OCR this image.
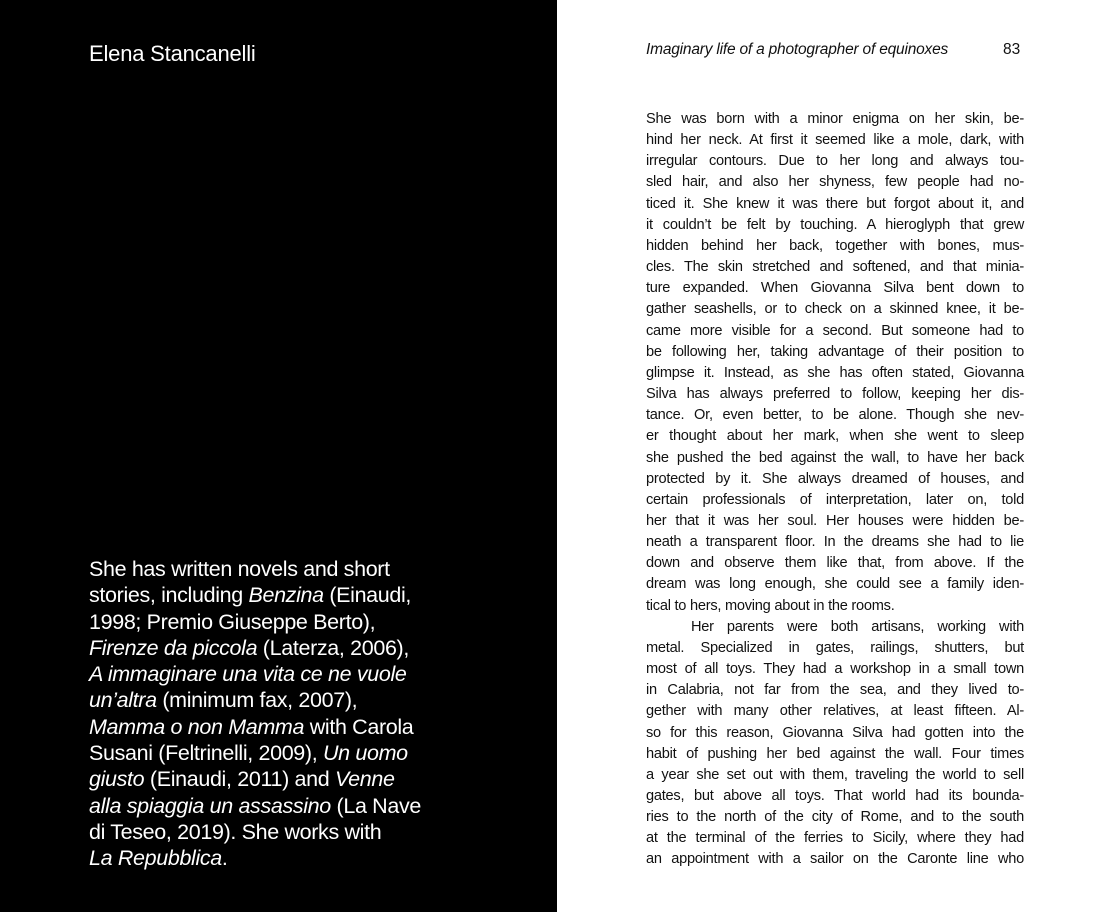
Elena Stancanelli
She has written novels and short
stories, including Benzina (Einaudi,
1998; Premio Giuseppe Berto),
Firenze da piccola (Laterza, 2006),
A immaginare una vita ce ne vuole
un’altra (minimum fax, 2007),
Mamma o non Mamma with Carola
Susani (Feltrinelli, 2009), Un uomo
giusto (Einaudi, 2011) and Venne
alla spiaggia un assassino (La Nave
di Teseo, 2019). She works with
La Repubblica.
Imaginary life of a photographer of equinoxes	83
She was born with a minor enigma on her skin, be-
hind her neck. At first it seemed like a mole, dark, with
irregular contours. Due to her long and always tou-
sled hair, and also her shyness, few people had no-
ticed it. She knew it was there but forgot about it, and
it couldn’t be felt by touching. A hieroglyph that grew
hidden behind her back, together with bones, mus-
cles. The skin stretched and softened, and that minia-
ture expanded. When Giovanna Silva bent down to
gather seashells, or to check on a skinned knee, it be-
came more visible for a second. But someone had to
be following her, taking advantage of their position to
glimpse it. Instead, as she has often stated, Giovanna
Silva has always preferred to follow, keeping her dis-
tance. Or, even better, to be alone. Though she nev-
er thought about her mark, when she went to sleep
she pushed the bed against the wall, to have her back
protected by it. She always dreamed of houses, and
certain professionals of interpretation, later on, told
her that it was her soul. Her houses were hidden be-
neath a transparent floor. In the dreams she had to lie
down and observe them like that, from above. If the
dream was long enough, she could see a family iden-
tical to hers, moving about in the rooms.
Her parents were both artisans, working with
metal. Specialized in gates, railings, shutters, but
most of all toys. They had a workshop in a small town
in Calabria, not far from the sea, and they lived to-
gether with many other relatives, at least fifteen. Al-
so for this reason, Giovanna Silva had gotten into the
habit of pushing her bed against the wall. Four times
a year she set out with them, traveling the world to sell
gates, but above all toys. That world had its bounda-
ries to the north of the city of Rome, and to the south
at the terminal of the ferries to Sicily, where they had
an appointment with a sailor on the Caronte line who
